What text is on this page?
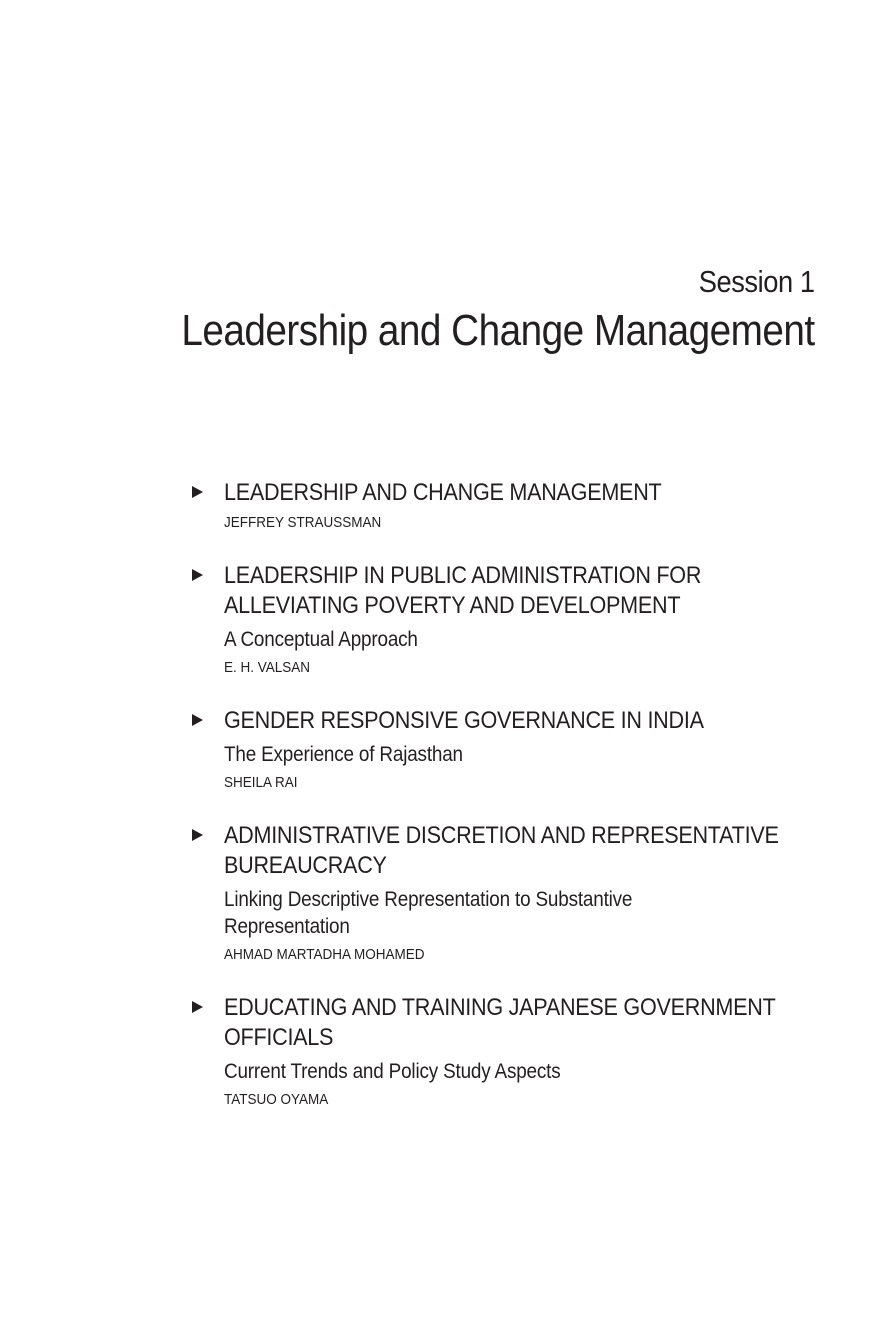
Session 1
Leadership and Change Management
LEADERSHIP AND CHANGE MANAGEMENT
JEFFREY STRAUSSMAN
LEADERSHIP IN PUBLIC ADMINISTRATION FOR
ALLEVIATING POVERTY AND DEVELOPMENT
A Conceptual Approach
E. H. VALSAN
GENDER RESPONSIVE GOVERNANCE IN INDIA
The Experience of Rajasthan
SHEILA RAI
ADMINISTRATIVE DISCRETION AND REPRESENTATIVE
BUREAUCRACY
Linking Descriptive Representation to Substantive
Representation
AHMAD MARTADHA MOHAMED
EDUCATING AND TRAINING JAPANESE GOVERNMENT
OFFICIALS
Current Trends and Policy Study Aspects
TATSUO OYAMA
